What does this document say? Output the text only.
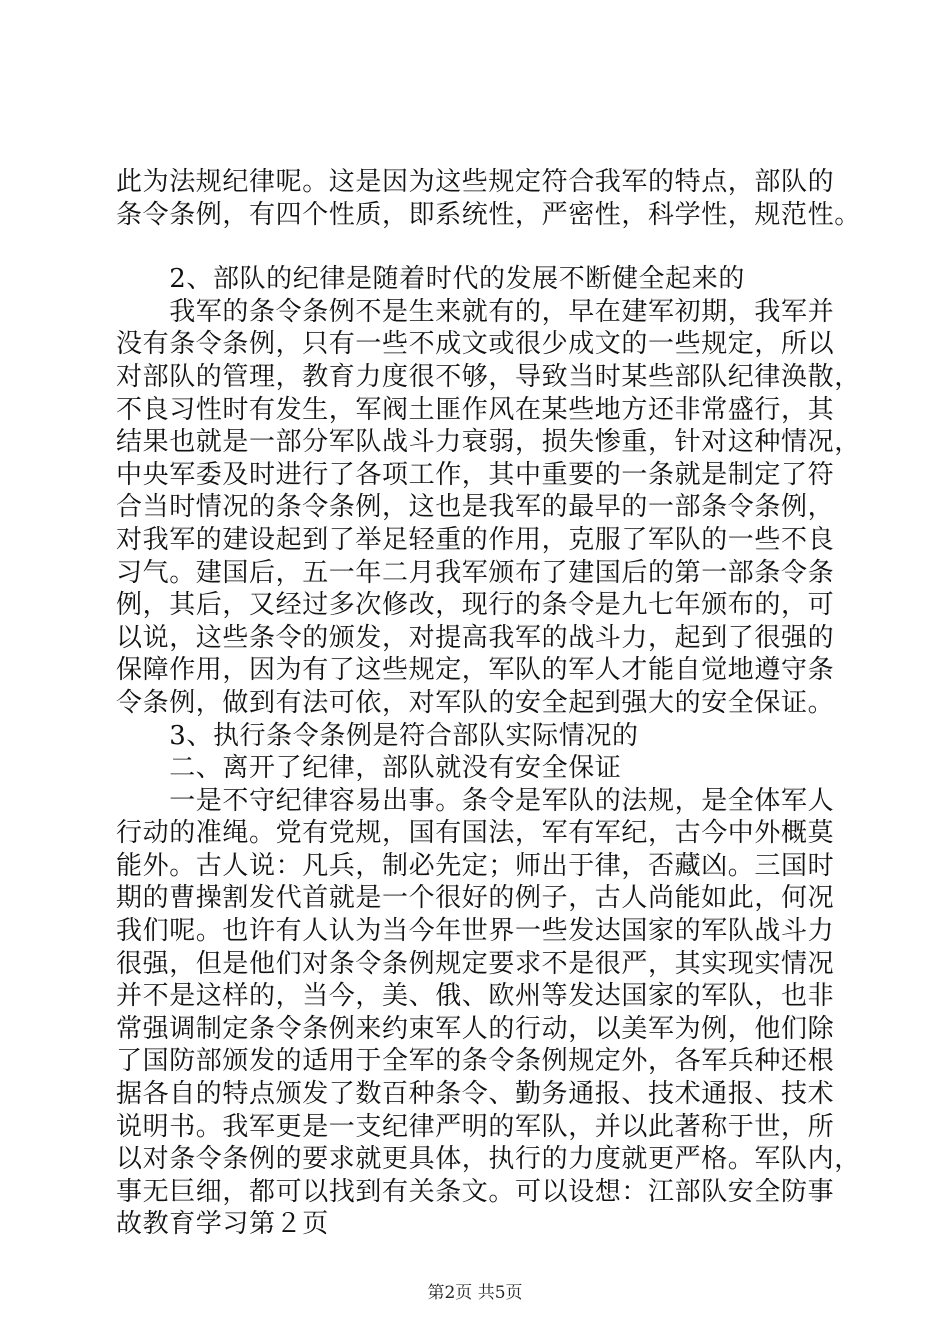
此为法规纪律呢。这是因为这些规定符合我军的特点，部队的
条令条例，有四个性质，即系统性，严密性，科学性，规范性。
　　2、部队的纪律是随着时代的发展不断健全起来的
　　我军的条令条例不是生来就有的，早在建军初期，我军并
没有条令条例，只有一些不成文或很少成文的一些规定，所以
对部队的管理，教育力度很不够，导致当时某些部队纪律涣散，
不良习性时有发生，军阀土匪作风在某些地方还非常盛行，其
结果也就是一部分军队战斗力衰弱，损失惨重，针对这种情况，
中央军委及时进行了各项工作，其中重要的一条就是制定了符
合当时情况的条令条例，这也是我军的最早的一部条令条例，
对我军的建设起到了举足轻重的作用，克服了军队的一些不良
习气。建国后，五一年二月我军颁布了建国后的第一部条令条
例，其后，又经过多次修改，现行的条令是九七年颁布的，可
以说，这些条令的颁发，对提高我军的战斗力，起到了很强的
保障作用，因为有了这些规定，军队的军人才能自觉地遵守条
令条例，做到有法可依，对军队的安全起到强大的安全保证。
　　3、执行条令条例是符合部队实际情况的
　　二、离开了纪律，部队就没有安全保证
　　一是不守纪律容易出事。条令是军队的法规，是全体军人
行动的准绳。党有党规，国有国法，军有军纪，古今中外概莫
能外。古人说：凡兵，制必先定；师出于律，否藏凶。三国时
期的曹操割发代首就是一个很好的例子，古人尚能如此，何况
我们呢。也许有人认为当今年世界一些发达国家的军队战斗力
很强，但是他们对条令条例规定要求不是很严，其实现实情况
并不是这样的，当今，美、俄、欧州等发达国家的军队，也非
常强调制定条令条例来约束军人的行动，以美军为例，他们除
了国防部颁发的适用于全军的条令条例规定外，各军兵种还根
据各自的特点颁发了数百种条令、勤务通报、技术通报、技术
说明书。我军更是一支纪律严明的军队，并以此著称于世，所
以对条令条例的要求就更具体，执行的力度就更严格。军队内，
事无巨细，都可以找到有关条文。可以设想：江部队安全防事
故教育学习第２页
第2页 共5页
